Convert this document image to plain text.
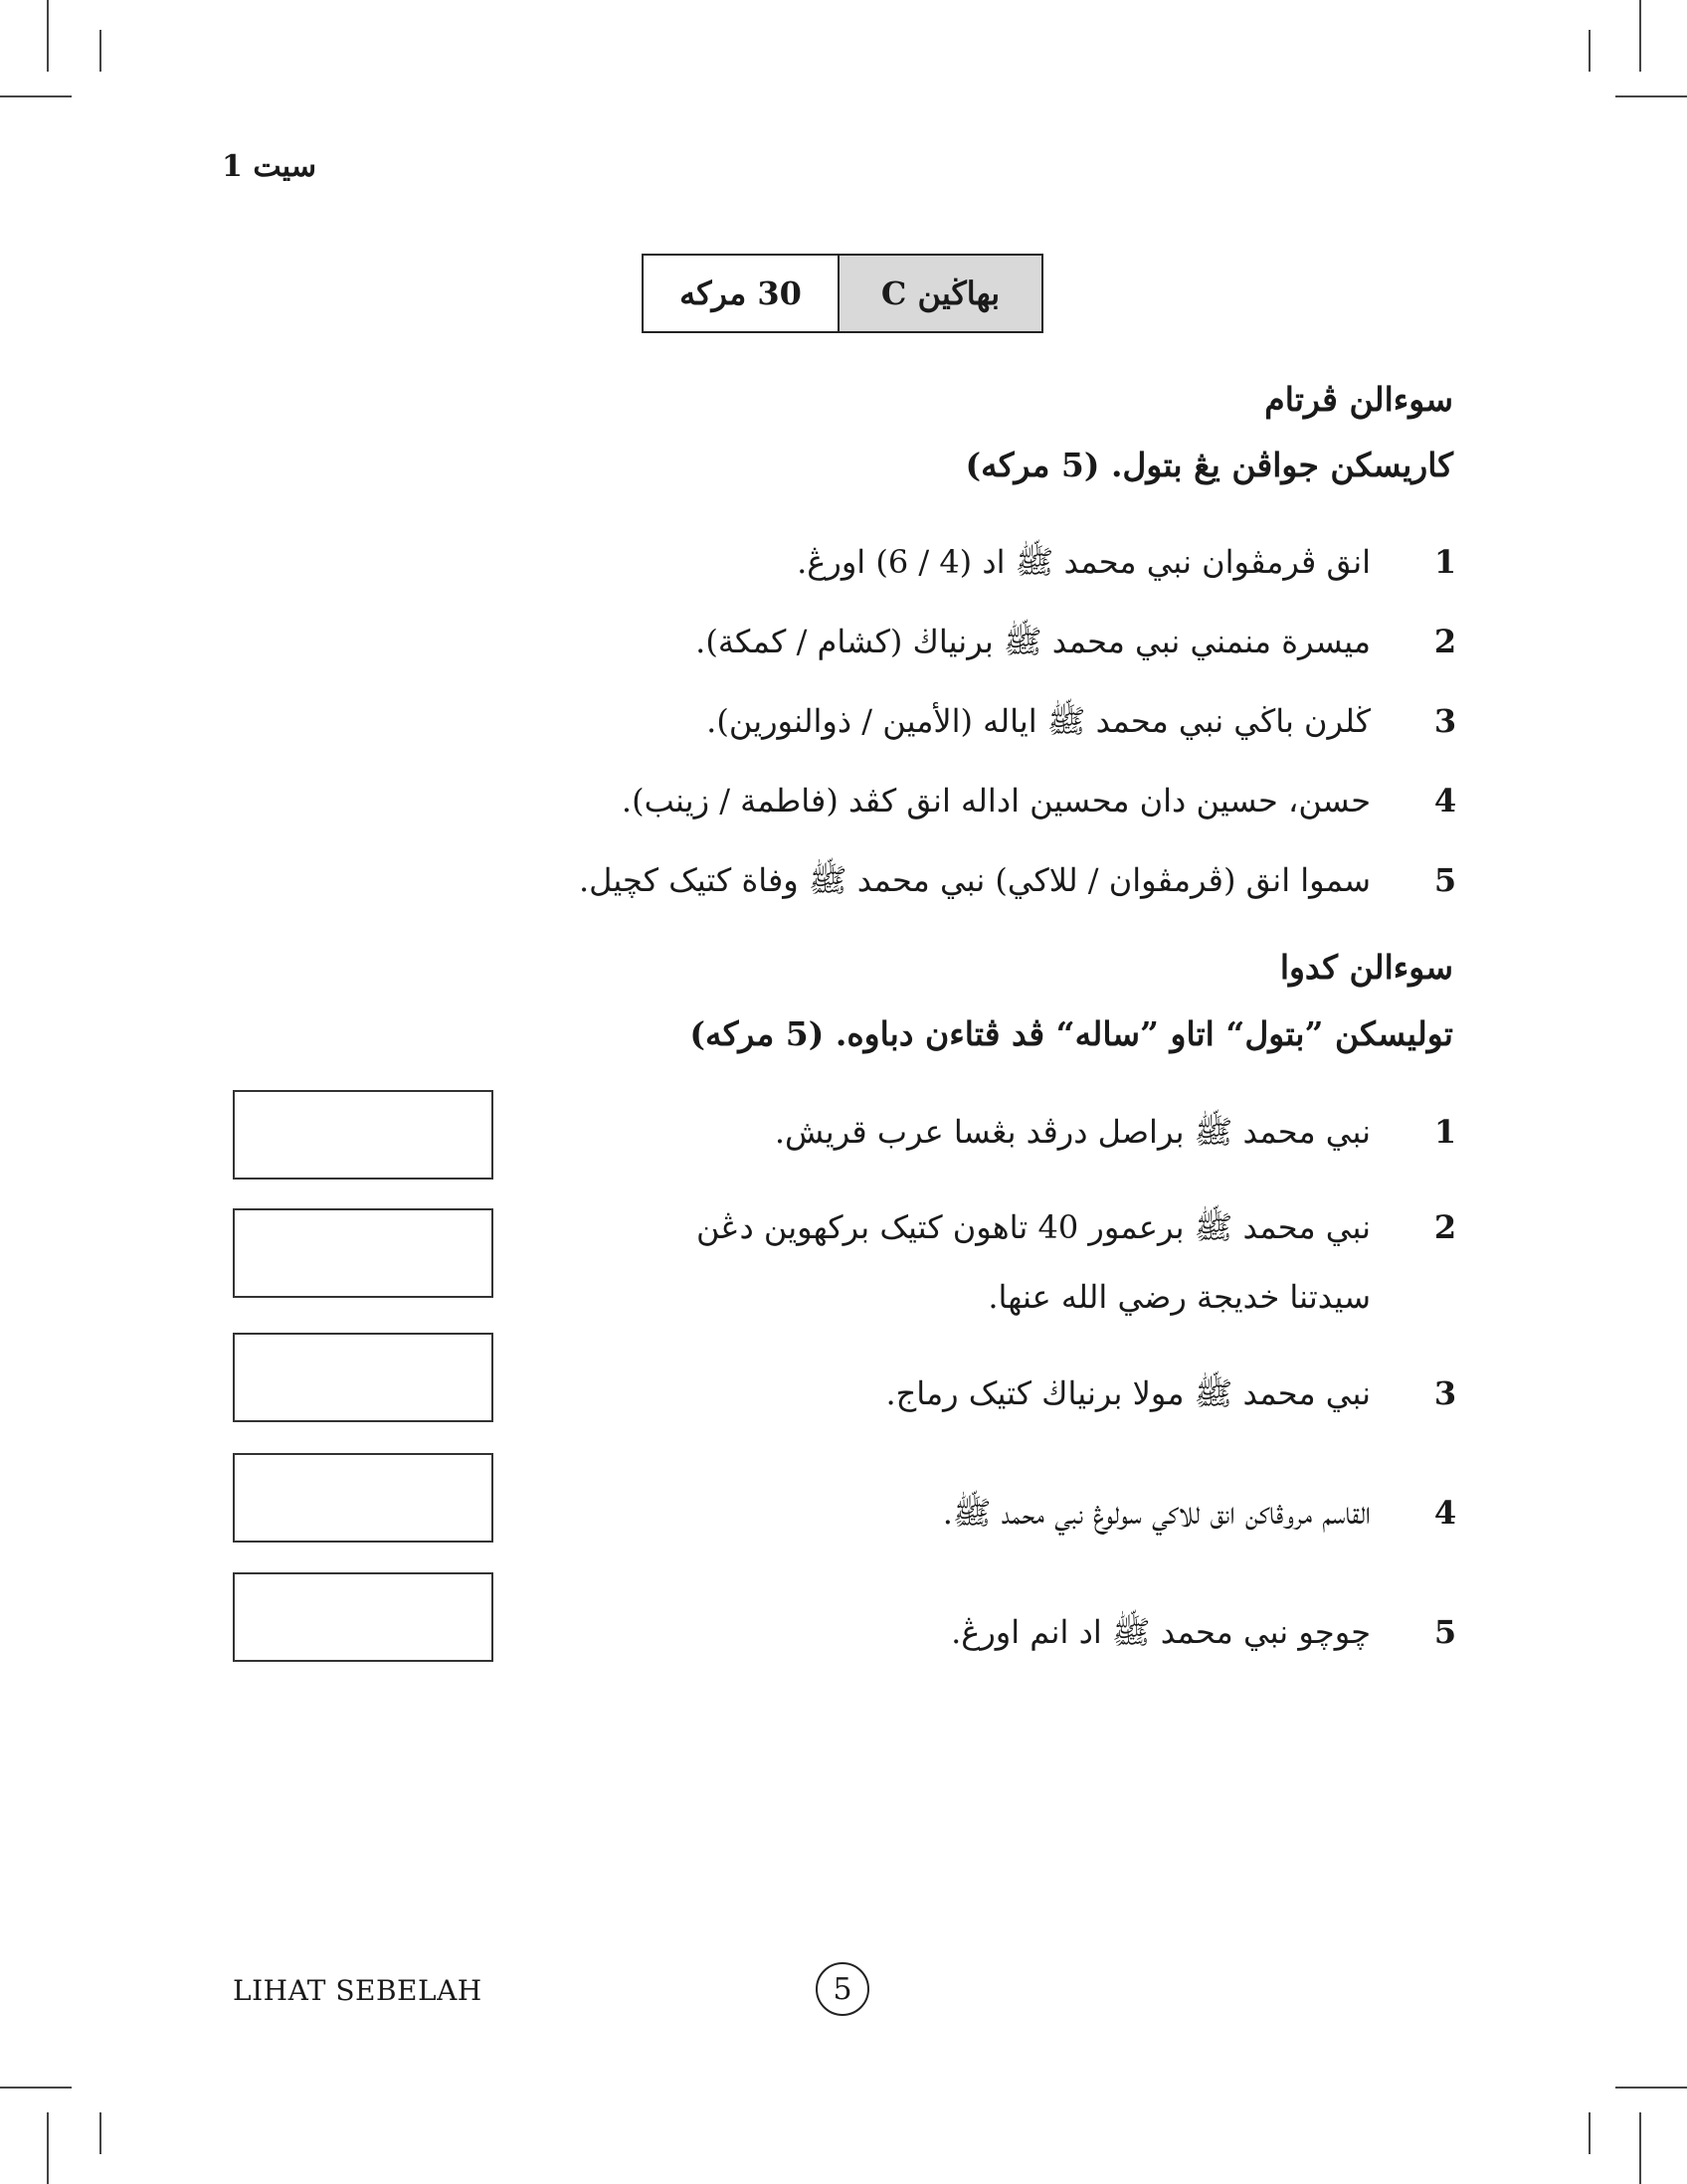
سيت 1
30 مركه	بهاڬين C
سوءالن ڤرتام
كاريسكن جواڤن يڠ بتول. (5 مركه)
1
انق ڤرمڤوان نبي محمد ﷺ اد (4 / 6) اورڠ.
2
ميسرة منمني نبي محمد ﷺ برنياڬ (كشام / كمكة).
3
ڬلرن باڬي نبي محمد ﷺ اياله (الأمين / ذوالنورين).
4
حسن، حسين دان محسين اداله انق كڤد (فاطمة / زينب).
5
سموا انق (ڤرمڤوان / للاكي) نبي محمد ﷺ وفاة كتيک كچيل.
سوءالن كدوا
توليسكن ”بتول“ اتاو ”ساله“ ڤد ڤتاءن دباوه. (5 مركه)
1
نبي محمد ﷺ براصل درڤد بڠسا عرب قريش.
2
نبي محمد ﷺ برعمور 40 تاهون كتيک بركهوين دڠن
سيدتنا خديجة رضي الله عنها.
3
نبي محمد ﷺ مولا برنياڬ كتيک رماج.
4
القاسم مروڤاكن انق للاكي سولوڠ نبي محمد ﷺ.
5
چوچو نبي محمد ﷺ اد انم اورڠ.
LIHAT SEBELAH	5
